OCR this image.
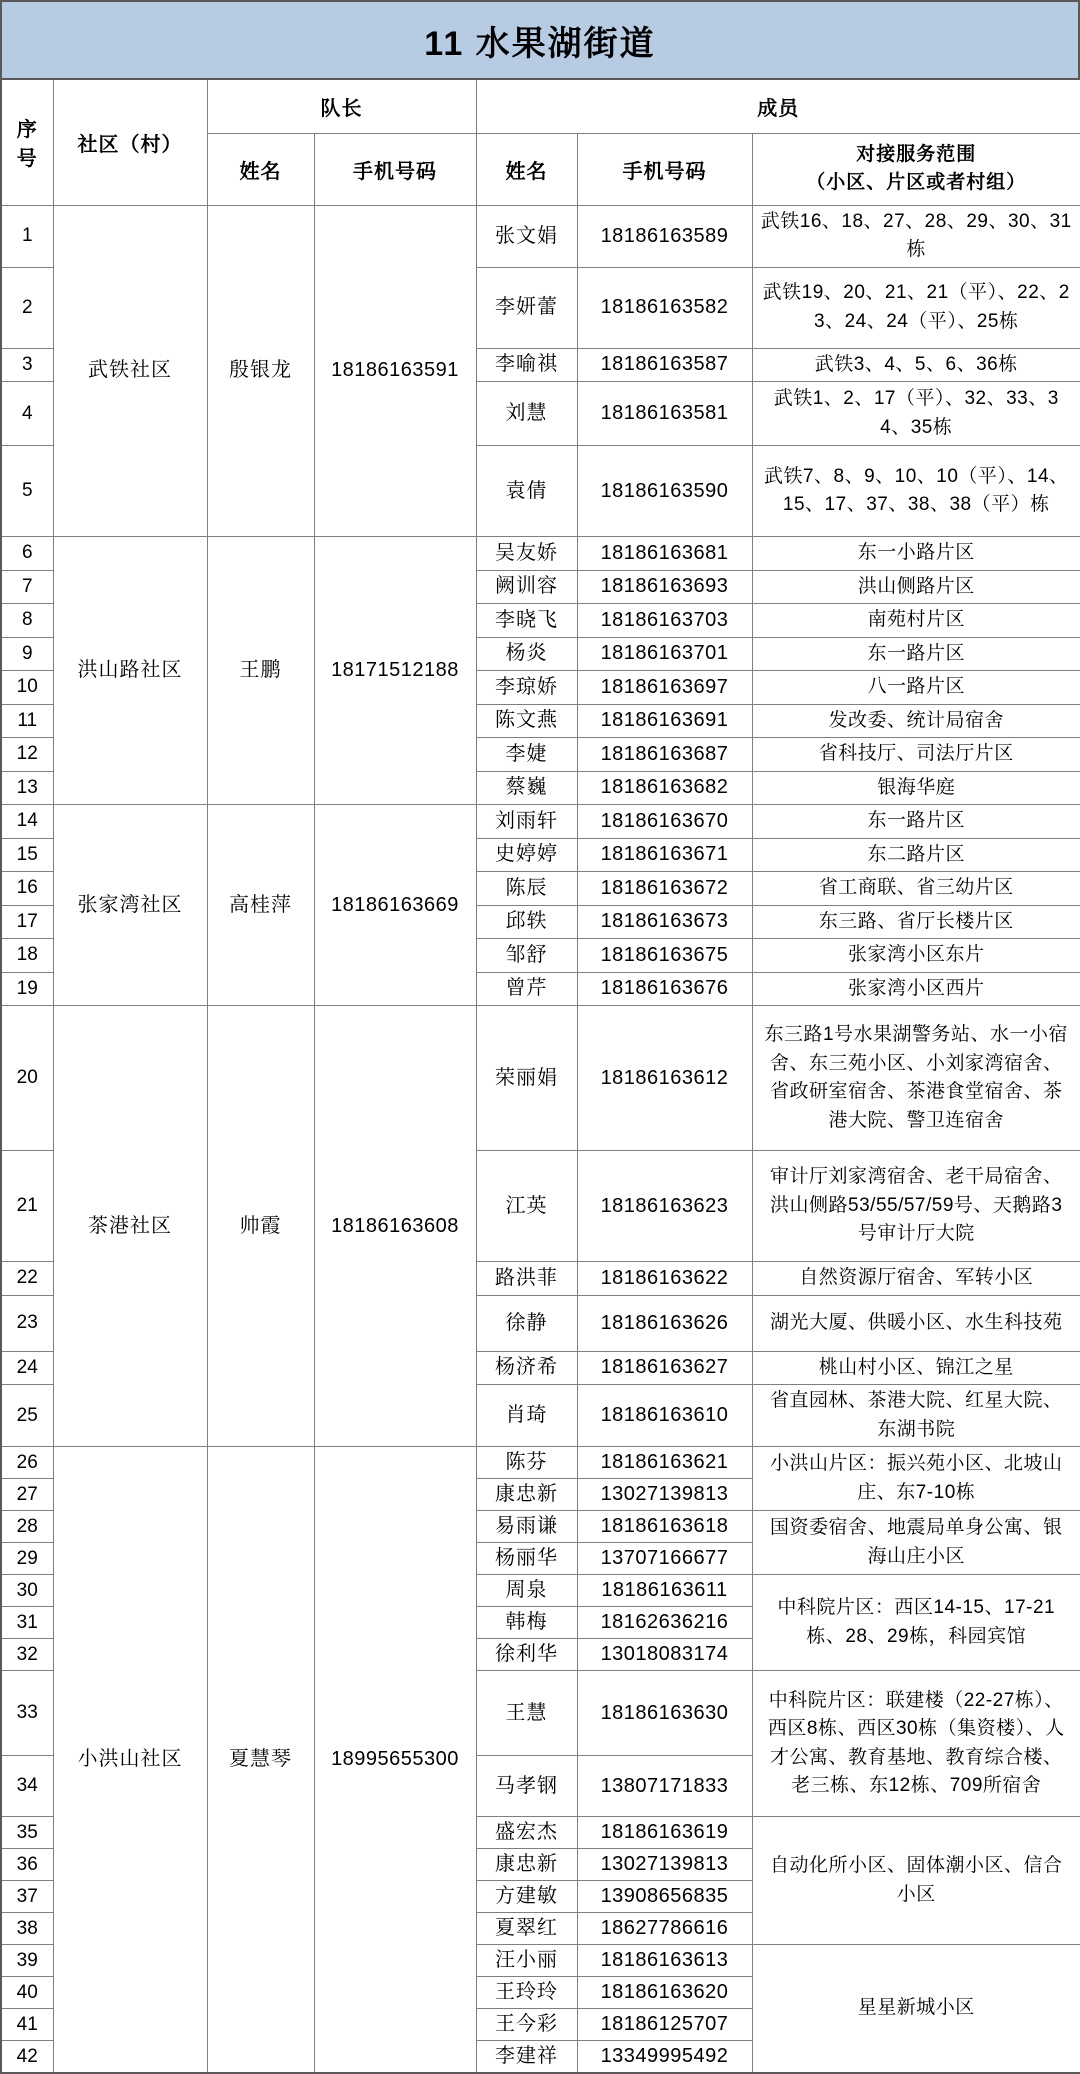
11 水果湖街道
序号	社区（村）	队长		成员		
		姓名	手机号码	姓名	手机号码	对接服务范围
（小区、片区或者村组）

1	武铁社区	殷银龙	18186163591	张文娟	18186163589	武铁16、18、27、28、29、30、31栋
2				李妍蕾	18186163582	武铁19、20、21、21（平）、22、23、24、24（平）、25栋
3				李喻祺	18186163587	武铁3、4、5、6、36栋
4				刘慧	18186163581	武铁1、2、17（平）、32、33、34、35栋
5				袁倩	18186163590	武铁7、8、9、10、10（平）、14、15、17、37、38、38（平）栋
6	洪山路社区	王鹏	18171512188	吴友娇	18186163681	东一小路片区
7				阙训容	18186163693	洪山侧路片区
8				李晓飞	18186163703	南苑村片区
9				杨炎	18186163701	东一路片区
10				李琼娇	18186163697	八一路片区
11				陈文燕	18186163691	发改委、统计局宿舍
12				李婕	18186163687	省科技厅、司法厅片区
13				蔡巍	18186163682	银海华庭
14	张家湾社区	高桂萍	18186163669	刘雨轩	18186163670	东一路片区
15				史婷婷	18186163671	东二路片区
16				陈辰	18186163672	省工商联、省三幼片区
17				邱轶	18186163673	东三路、省厅长楼片区
18				邹舒	18186163675	张家湾小区东片
19				曾芹	18186163676	张家湾小区西片
20	茶港社区	帅霞	18186163608	荣丽娟	18186163612	东三路1号水果湖警务站、水一小宿舍、东三苑小区、小刘家湾宿舍、省政研室宿舍、茶港食堂宿舍、茶港大院、警卫连宿舍
21				江英	18186163623	审计厅刘家湾宿舍、老干局宿舍、洪山侧路53/55/57/59号、天鹅路3号审计厅大院
22				路洪菲	18186163622	自然资源厅宿舍、军转小区
23				徐静	18186163626	湖光大厦、供暖小区、水生科技苑
24				杨济希	18186163627	桃山村小区、锦江之星
25				肖琦	18186163610	省直园林、茶港大院、红星大院、东湖书院
26	小洪山社区	夏慧琴	18995655300	陈芬	18186163621	小洪山片区：振兴苑小区、北坡山庄、东7-10栋
27				康忠新	13027139813	
28				易雨谦	18186163618	国资委宿舍、地震局单身公寓、银海山庄小区
29				杨丽华	13707166677	
30				周泉	18186163611	中科院片区：西区14-15、17-21栋、28、29栋，科园宾馆
31				韩梅	18162636216	
32				徐利华	13018083174	
33				王慧	18186163630	中科院片区：联建楼（22-27栋）、西区8栋、西区30栋（集资楼）、人才公寓、教育基地、教育综合楼、老三栋、东12栋、709所宿舍
34				马孝钢	13807171833	
35				盛宏杰	18186163619	自动化所小区、固体潮小区、信合小区
36				康忠新	13027139813	
37				方建敏	13908656835	
38				夏翠红	18627786616	
39				汪小丽	18186163613	星星新城小区
40				王玲玲	18186163620	
41				王今彩	18186125707	
42				李建祥	13349995492	
